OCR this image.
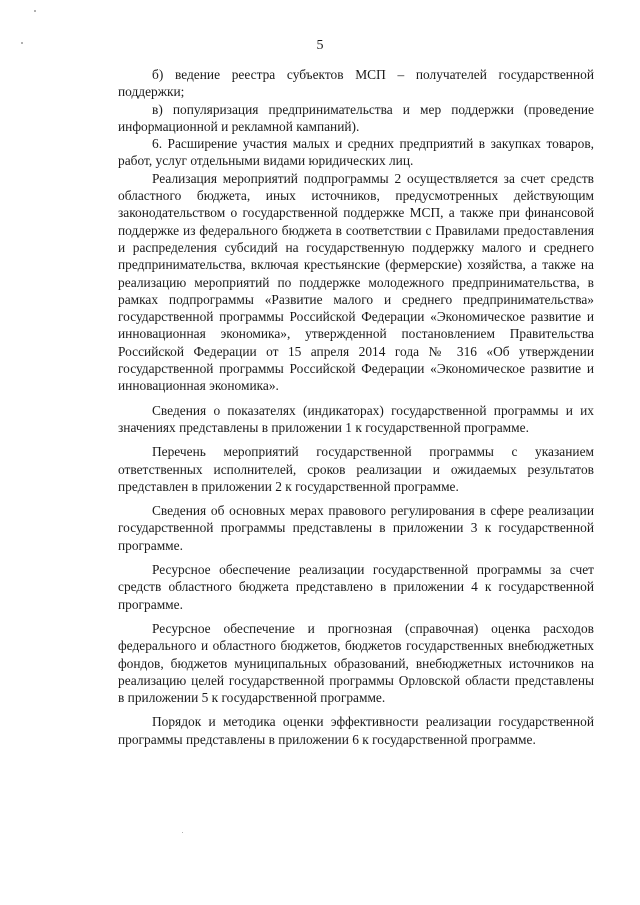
5

б) ведение реестра субъектов МСП – получателей государственной поддержки;

в) популяризация предпринимательства и мер поддержки (проведение информационной и рекламной кампаний).

6. Расширение участия малых и средних предприятий в закупках товаров, работ, услуг отдельными видами юридических лиц.

Реализация мероприятий подпрограммы 2 осуществляется за счет средств областного бюджета, иных источников, предусмотренных действующим законодательством о государственной поддержке МСП, а также при финансовой поддержке из федерального бюджета в соответствии с Правилами предоставления и распределения субсидий на государственную поддержку малого и среднего предпринимательства, включая крестьянские (фермерские) хозяйства, а также на реализацию мероприятий по поддержке молодежного предпринимательства, в рамках подпрограммы «Развитие малого и среднего предпринимательства» государственной программы Российской Федерации «Экономическое развитие и инновационная экономика», утвержденной постановлением Правительства Российской Федерации от 15 апреля 2014 года № 316 «Об утверждении государственной программы Российской Федерации «Экономическое развитие и инновационная экономика».

Сведения о показателях (индикаторах) государственной программы и их значениях представлены в приложении 1 к государственной программе.

Перечень мероприятий государственной программы с указанием ответственных исполнителей, сроков реализации и ожидаемых результатов представлен в приложении 2 к государственной программе.

Сведения об основных мерах правового регулирования в сфере реализации государственной программы представлены в приложении 3 к государственной программе.

Ресурсное обеспечение реализации государственной программы за счет средств областного бюджета представлено в приложении 4 к государственной программе.

Ресурсное обеспечение и прогнозная (справочная) оценка расходов федерального и областного бюджетов, бюджетов государственных внебюджетных фондов, бюджетов муниципальных образований, внебюджетных источников на реализацию целей государственной программы Орловской области представлены в приложении 5 к государственной программе.

Порядок и методика оценки эффективности реализации государственной программы представлены в приложении 6 к государственной программе.
